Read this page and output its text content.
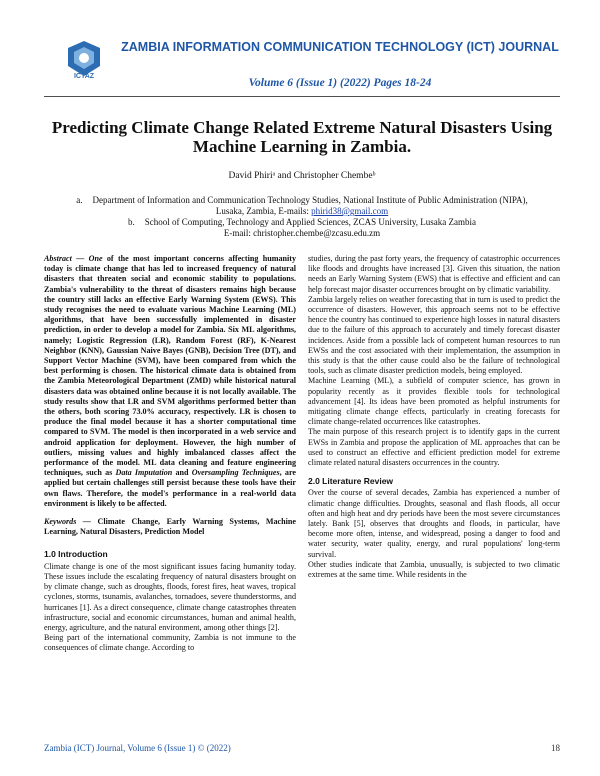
ICTAZ
ZAMBIA INFORMATION COMMUNICATION TECHNOLOGY (ICT) JOURNAL
Volume 6 (Issue 1) (2022) Pages 18-24
Predicting Climate Change Related Extreme Natural Disasters Using Machine Learning in Zambia.
David Phiriᵃ and Christopher Chembeᵇ
a. Department of Information and Communication Technology Studies, National Institute of Public Administration (NIPA),
Lusaka, Zambia, E-mails: phirid38@gmail.com
b. School of Computing, Technology and Applied Sciences, ZCAS University, Lusaka Zambia
E-mail: christopher.chembe@zcasu.edu.zm

Abstract — One of the most important concerns affecting humanity today is climate change that has led to increased frequency of natural disasters that threaten social and economic stability to populations. Zambia's vulnerability to the threat of disasters remains high because the country still lacks an effective Early Warning System (EWS). This study recognises the need to evaluate various Machine Learning (ML) algorithms, that have been successfully implemented in disaster prediction, in order to develop a model for Zambia. Six ML algorithms, namely; Logistic Regression (LR), Random Forest (RF), K-Nearest Neighbor (KNN), Gaussian Naive Bayes (GNB), Decision Tree (DT), and Support Vector Machine (SVM), have been compared from which the best performing is chosen. The historical climate data is obtained from the Zambia Meteorological Department (ZMD) while historical natural disasters data was obtained online because it is not locally available. The study results show that LR and SVM algorithms performed better than the others, both scoring 73.0% accuracy, respectively. LR is chosen to produce the final model because it has a shorter computational time compared to SVM. The model is then incorporated in a web service and android application for deployment. However, the high number of outliers, missing values and highly imbalanced classes affect the performance of the model. ML data cleaning and feature engineering techniques, such as Data Imputation and Oversampling Techniques, are applied but certain challenges still persist because these tools have their own flaws. Therefore, the model's performance in a real-world data environment is likely to be affected.

Keywords — Climate Change, Early Warning Systems, Machine Learning, Natural Disasters, Prediction Model

1.0 Introduction

Climate change is one of the most significant issues facing humanity today. These issues include the escalating frequency of natural disasters brought on by climate change, such as droughts, floods, forest fires, heat waves, tropical cyclones, storms, tsunamis, avalanches, tornadoes, severe thunderstorms, and hurricanes [1]. As a direct consequence, climate change catastrophes threaten infrastructure, social and economic circumstances, human and animal health, energy, agriculture, and the natural environment, among other things [2].

Being part of the international community, Zambia is not immune to the consequences of climate change. According to

studies, during the past forty years, the frequency of catastrophic occurrences like floods and droughts have increased [3]. Given this situation, the nation needs an Early Warning System (EWS) that is effective and efficient and can help forecast major disaster occurrences brought on by climatic variability.

Zambia largely relies on weather forecasting that in turn is used to predict the occurrence of disasters. However, this approach seems not to be effective hence the country has continued to experience high losses in natural disasters due to the failure of this approach to accurately and timely forecast disaster incidences. Aside from a possible lack of competent human resources to run EWSs and the cost associated with their implementation, the assumption in this study is that the other cause could also be the failure of technological tools, such as climate disaster prediction models, being employed.

Machine Learning (ML), a subfield of computer science, has grown in popularity recently as it provides flexible tools for technological advancement [4]. Its ideas have been promoted as helpful instruments for mitigating climate change effects, particularly in creating forecasts for climate change-related occurrences like catastrophes.

The main purpose of this research project is to identify gaps in the current EWSs in Zambia and propose the application of ML approaches that can be used to construct an effective and efficient prediction model for extreme climate related natural disasters occurrences in the country.

2.0 Literature Review

Over the course of several decades, Zambia has experienced a number of climatic change difficulties. Droughts, seasonal and flash floods, all occur often and high heat and dry periods have been the most severe circumstances lately. Bank [5], observes that droughts and floods, in particular, have become more often, intense, and widespread, posing a danger to food and water security, water quality, energy, and rural populations' long-term survival.

Other studies indicate that Zambia, unusually, is subjected to two climatic extremes at the same time. While residents in the

Zambia (ICT) Journal, Volume 6 (Issue 1) © (2022)	18
